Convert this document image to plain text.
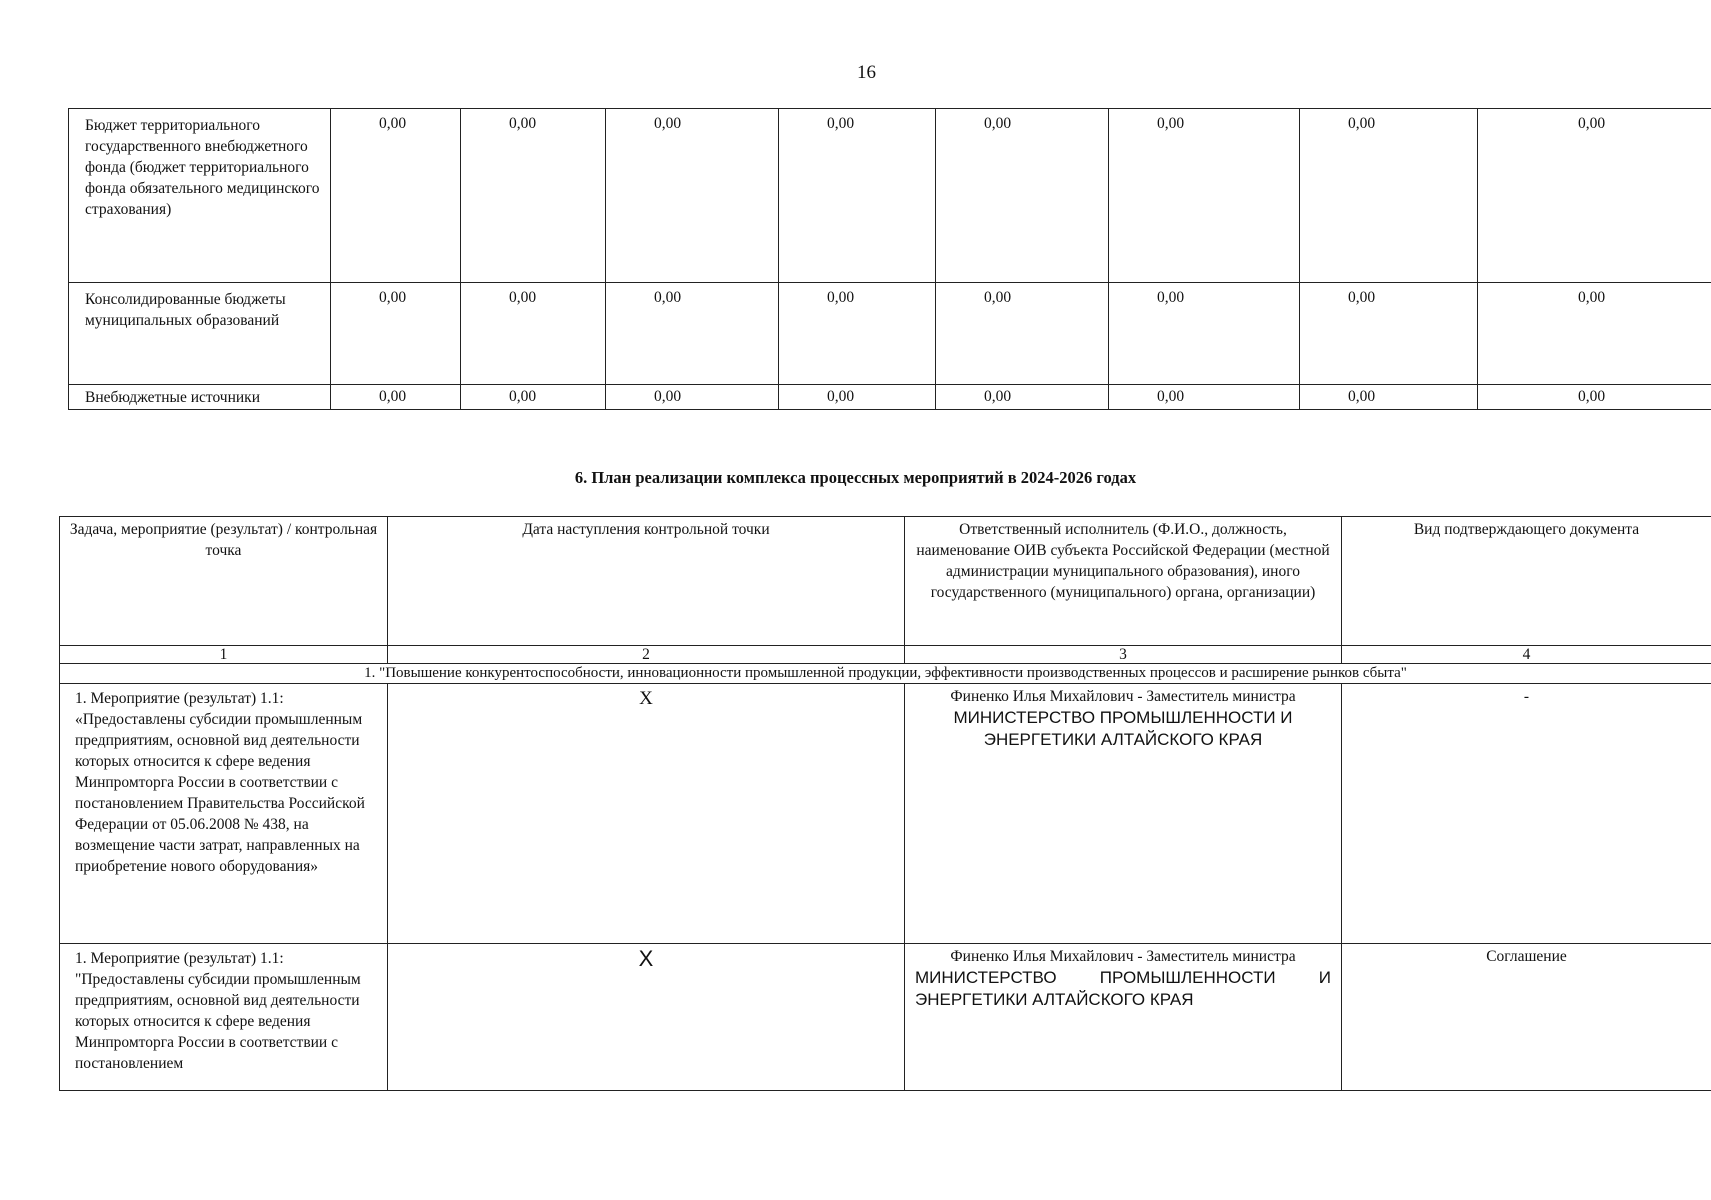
16
Бюджет территориального государственного внебюджетного фонда (бюджет территориального фонда обязательного медицинского страхования)	0,00	0,00	0,00	0,00	0,00	0,00	0,00	0,00
Консолидированные бюджеты муниципальных образований	0,00	0,00	0,00	0,00	0,00	0,00	0,00	0,00
Внебюджетные источники	0,00	0,00	0,00	0,00	0,00	0,00	0,00	0,00
6. План реализации комплекса процессных мероприятий в 2024-2026 годах
Задача, мероприятие (результат) / контрольная точка	Дата наступления контрольной точки	Ответственный исполнитель (Ф.И.О., должность, наименование ОИВ субъекта Российской Федерации (местной администрации муниципального образования), иного государственного (муниципального) органа, организации)	Вид подтверждающего документа
1	2	3	4
1. "Повышение конкурентоспособности, инновационности промышленной продукции, эффективности производственных процессов и расширение рынков сбыта"			
1. Мероприятие (результат) 1.1: «Предоставлены субсидии промышленным предприятиям, основной вид деятельности которых относится к сфере ведения Минпромторга России в соответствии с постановлением Правительства Российской Федерации от 05.06.2008 № 438, на возмещение части затрат, направленных на приобретение нового оборудования»	X	Финенко Илья Михайлович - Заместитель министра
МИНИСТЕРСТВО ПРОМЫШЛЕННОСТИ И ЭНЕРГЕТИКИ АЛТАЙСКОГО КРАЯ	-
1. Мероприятие (результат) 1.1: "Предоставлены субсидии промышленным предприятиям, основной вид деятельности которых относится к сфере ведения Минпромторга России в соответствии с постановлением	X	Финенко Илья Михайлович - Заместитель министра
МИНИСТЕРСТВО ПРОМЫШЛЕННОСТИ И ЭНЕРГЕТИКИ АЛТАЙСКОГО КРАЯ	Соглашение
